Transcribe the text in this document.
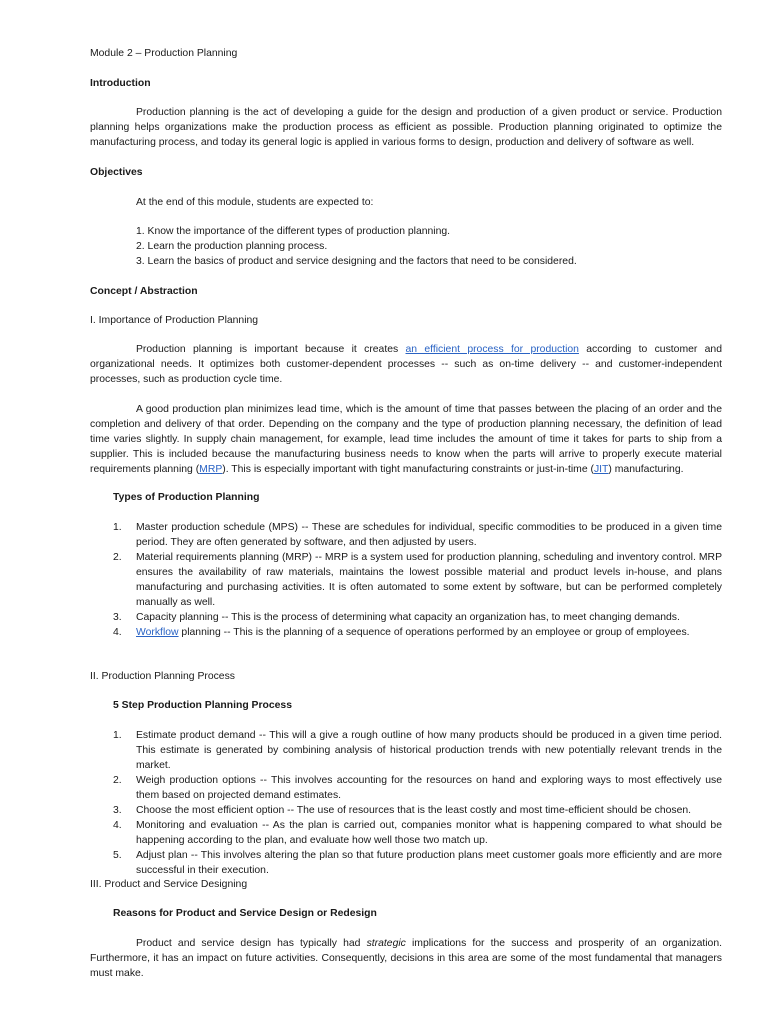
Module 2 – Production Planning

Introduction

Production planning is the act of developing a guide for the design and production of a given product or service. Production planning helps organizations make the production process as efficient as possible. Production planning originated to optimize the manufacturing process, and today its general logic is applied in various forms to design, production and delivery of software as well.

Objectives

At the end of this module, students are expected to:

1. Know the importance of the different types of production planning.
2. Learn the production planning process.
3. Learn the basics of product and service designing and the factors that need to be considered.

Concept / Abstraction

I. Importance of Production Planning

Production planning is important because it creates an efficient process for production according to customer and organizational needs. It optimizes both customer-dependent processes -- such as on-time delivery -- and customer-independent processes, such as production cycle time.

A good production plan minimizes lead time, which is the amount of time that passes between the placing of an order and the completion and delivery of that order. Depending on the company and the type of production planning necessary, the definition of lead time varies slightly. In supply chain management, for example, lead time includes the amount of time it takes for parts to ship from a supplier. This is included because the manufacturing business needs to know when the parts will arrive to properly execute material requirements planning (MRP). This is especially important with tight manufacturing constraints or just-in-time (JIT) manufacturing.

Types of Production Planning

1.	Master production schedule (MPS) -- These are schedules for individual, specific commodities to be produced in a given time period. They are often generated by software, and then adjusted by users.
2.	Material requirements planning (MRP) -- MRP is a system used for production planning, scheduling and inventory control. MRP ensures the availability of raw materials, maintains the lowest possible material and product levels in-house, and plans manufacturing and purchasing activities. It is often automated to some extent by software, but can be performed completely manually as well.
3.	Capacity planning -- This is the process of determining what capacity an organization has, to meet changing demands.
4.	Workflow planning -- This is the planning of a sequence of operations performed by an employee or group of employees.

II. Production Planning Process

5 Step Production Planning Process

1.	Estimate product demand -- This will a give a rough outline of how many products should be produced in a given time period. This estimate is generated by combining analysis of historical production trends with new potentially relevant trends in the market.
2.	Weigh production options -- This involves accounting for the resources on hand and exploring ways to most effectively use them based on projected demand estimates.
3.	Choose the most efficient option -- The use of resources that is the least costly and most time-efficient should be chosen.
4.	Monitoring and evaluation -- As the plan is carried out, companies monitor what is happening compared to what should be happening according to the plan, and evaluate how well those two match up.
5.	Adjust plan -- This involves altering the plan so that future production plans meet customer goals more efficiently and are more successful in their execution.

III. Product and Service Designing

Reasons for Product and Service Design or Redesign

Product and service design has typically had strategic implications for the success and prosperity of an organization. Furthermore, it has an impact on future activities. Consequently, decisions in this area are some of the most fundamental that managers must make.
